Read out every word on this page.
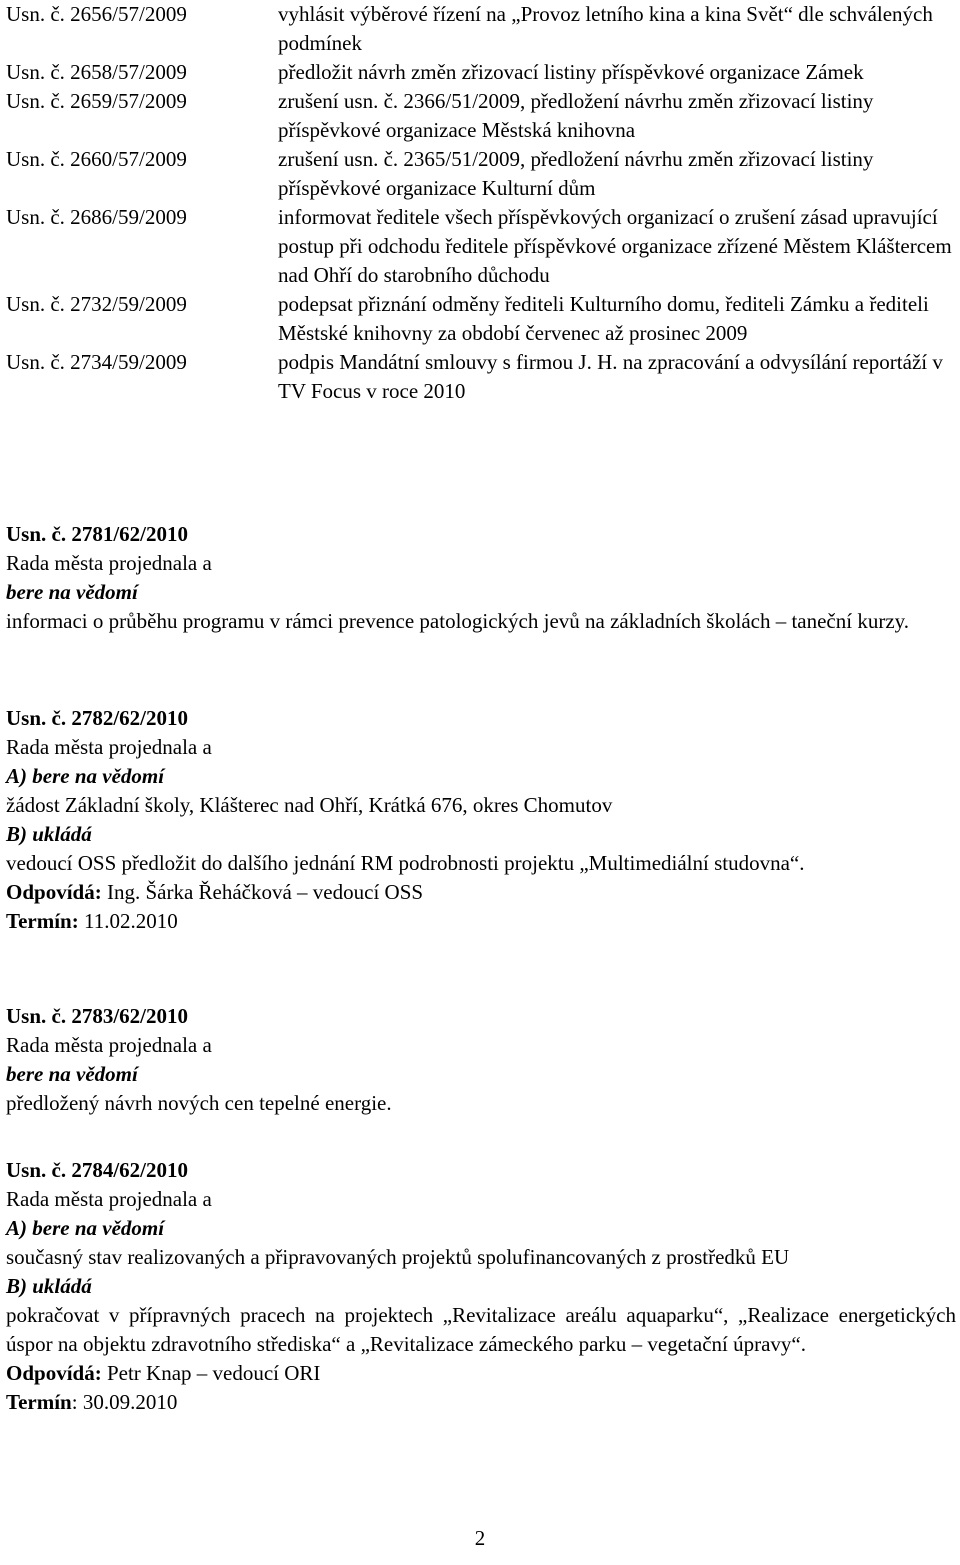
Usn. č. 2656/57/2009	vyhlásit výběrové řízení na „Provoz letního kina a kina Svět“ dle schválených podmínek
Usn. č. 2658/57/2009	předložit návrh změn zřizovací listiny příspěvkové organizace Zámek
Usn. č. 2659/57/2009	zrušení usn. č. 2366/51/2009, předložení návrhu změn zřizovací listiny příspěvkové organizace Městská knihovna
Usn. č. 2660/57/2009	zrušení usn. č. 2365/51/2009, předložení návrhu změn zřizovací listiny příspěvkové organizace Kulturní dům
Usn. č. 2686/59/2009	informovat ředitele všech příspěvkových organizací o zrušení zásad upravující postup při odchodu ředitele příspěvkové organizace zřízené Městem Kláštercem nad Ohří do starobního důchodu
Usn. č. 2732/59/2009	podepsat přiznání odměny řediteli Kulturního domu, řediteli Zámku a řediteli Městské knihovny za období červenec až prosinec 2009
Usn. č. 2734/59/2009	podpis Mandátní smlouvy s firmou J. H. na zpracování a odvysílání reportáží v TV Focus v roce 2010
Usn. č. 2781/62/2010
Rada města projednala a
bere na vědomí
informaci o průběhu programu v rámci prevence patologických jevů na základních školách – taneční kurzy.
Usn. č. 2782/62/2010
Rada města projednala a
A) bere na vědomí
žádost Základní školy, Klášterec nad Ohří, Krátká 676, okres Chomutov
B) ukládá
vedoucí OSS předložit do dalšího jednání RM podrobnosti projektu „Multimediální studovna“.
Odpovídá: Ing. Šárka Řeháčková – vedoucí OSS
Termín: 11.02.2010
Usn. č. 2783/62/2010
Rada města projednala a
bere na vědomí
předložený návrh nových cen tepelné energie.
Usn. č. 2784/62/2010
Rada města projednala a
A) bere na vědomí
současný stav realizovaných a připravovaných projektů spolufinancovaných z prostředků EU
B) ukládá
pokračovat v přípravných pracech na projektech „Revitalizace areálu aquaparku“, „Realizace energetických úspor na objektu zdravotního střediska“ a „Revitalizace zámeckého parku – vegetační úpravy“.
Odpovídá: Petr Knap – vedoucí ORI
Termín: 30.09.2010
2
